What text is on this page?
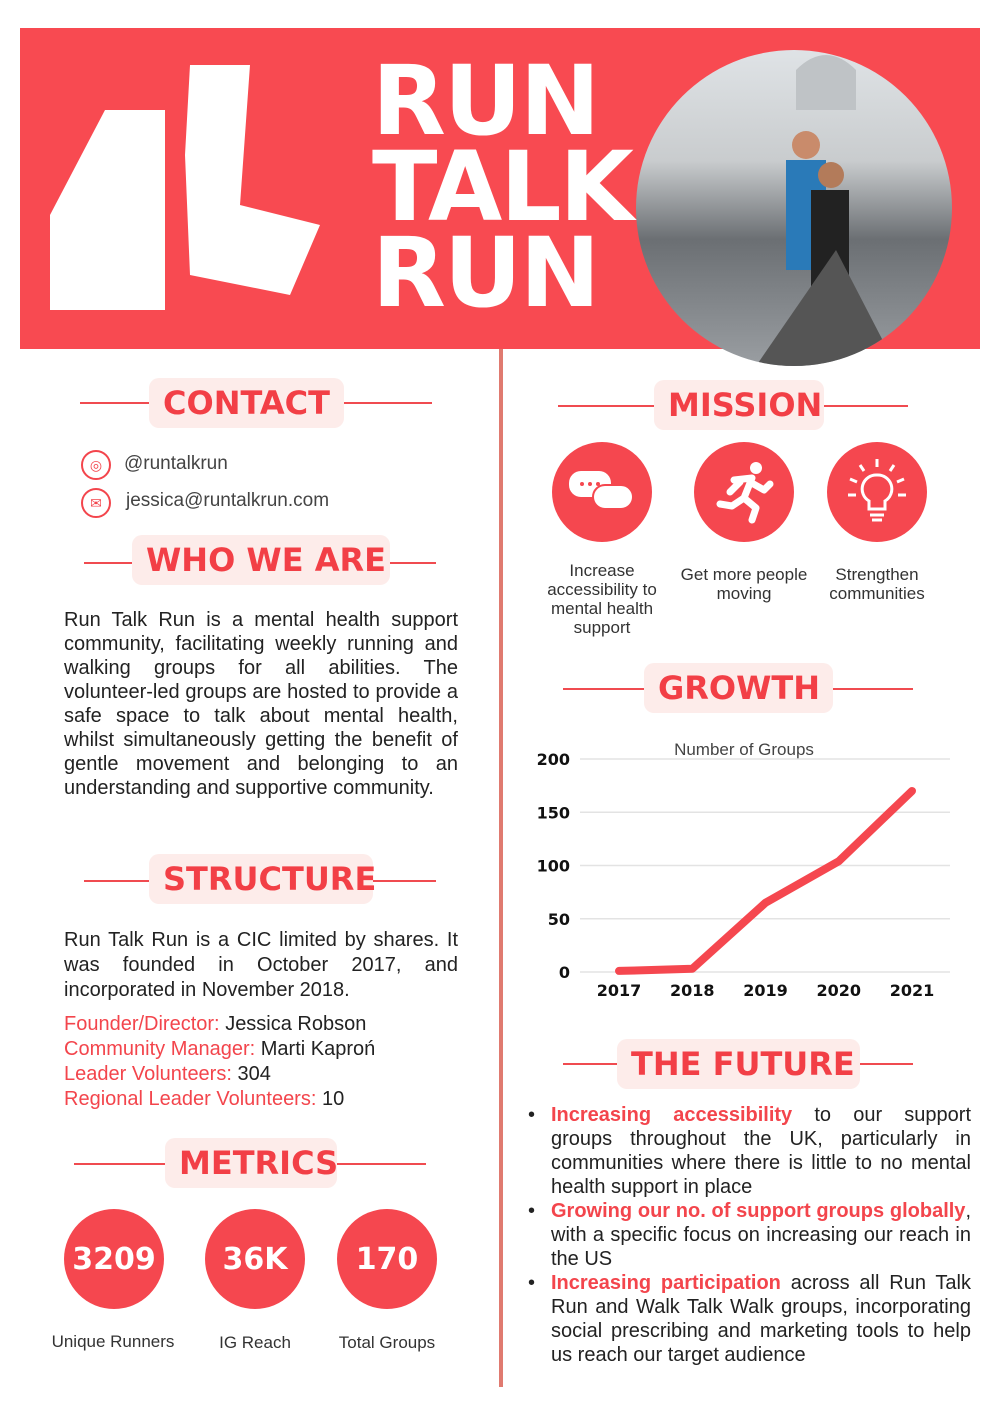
RUN
TALK
RUN
CONTACT
◎	@runtalkrun
✉	jessica@runtalkrun.com
WHO WE ARE
Run Talk Run is a mental health support community, facilitating weekly running and walking groups for all abilities. The volunteer-led groups are hosted to provide a safe space to talk about mental health, whilst simultaneously getting the benefit of gentle movement and belonging to an understanding and supportive community.
STRUCTURE
Run Talk Run is a CIC limited by shares. It was founded in October 2017, and incorporated in November 2018.
Founder/Director: Jessica Robson
Community Manager: Marti Kaproń
Leader Volunteers: 304
Regional Leader Volunteers: 10
METRICS
3209	36K	170
Unique Runners	IG Reach	Total Groups
MISSION
Increase accessibility to mental health support
Get more people moving
Strengthen communities
GROWTH
Number of Groups
0
50
100
150
200
2017 2018 2019 2020 2021
THE FUTURE
• Increasing accessibility to our support groups throughout the UK, particularly in communities where there is little to no mental health support in place
• Growing our no. of support groups globally, with a specific focus on increasing our reach in the US
• Increasing participation across all Run Talk Run and Walk Talk Walk groups, incorporating social prescribing and marketing tools to help us reach our target audience
